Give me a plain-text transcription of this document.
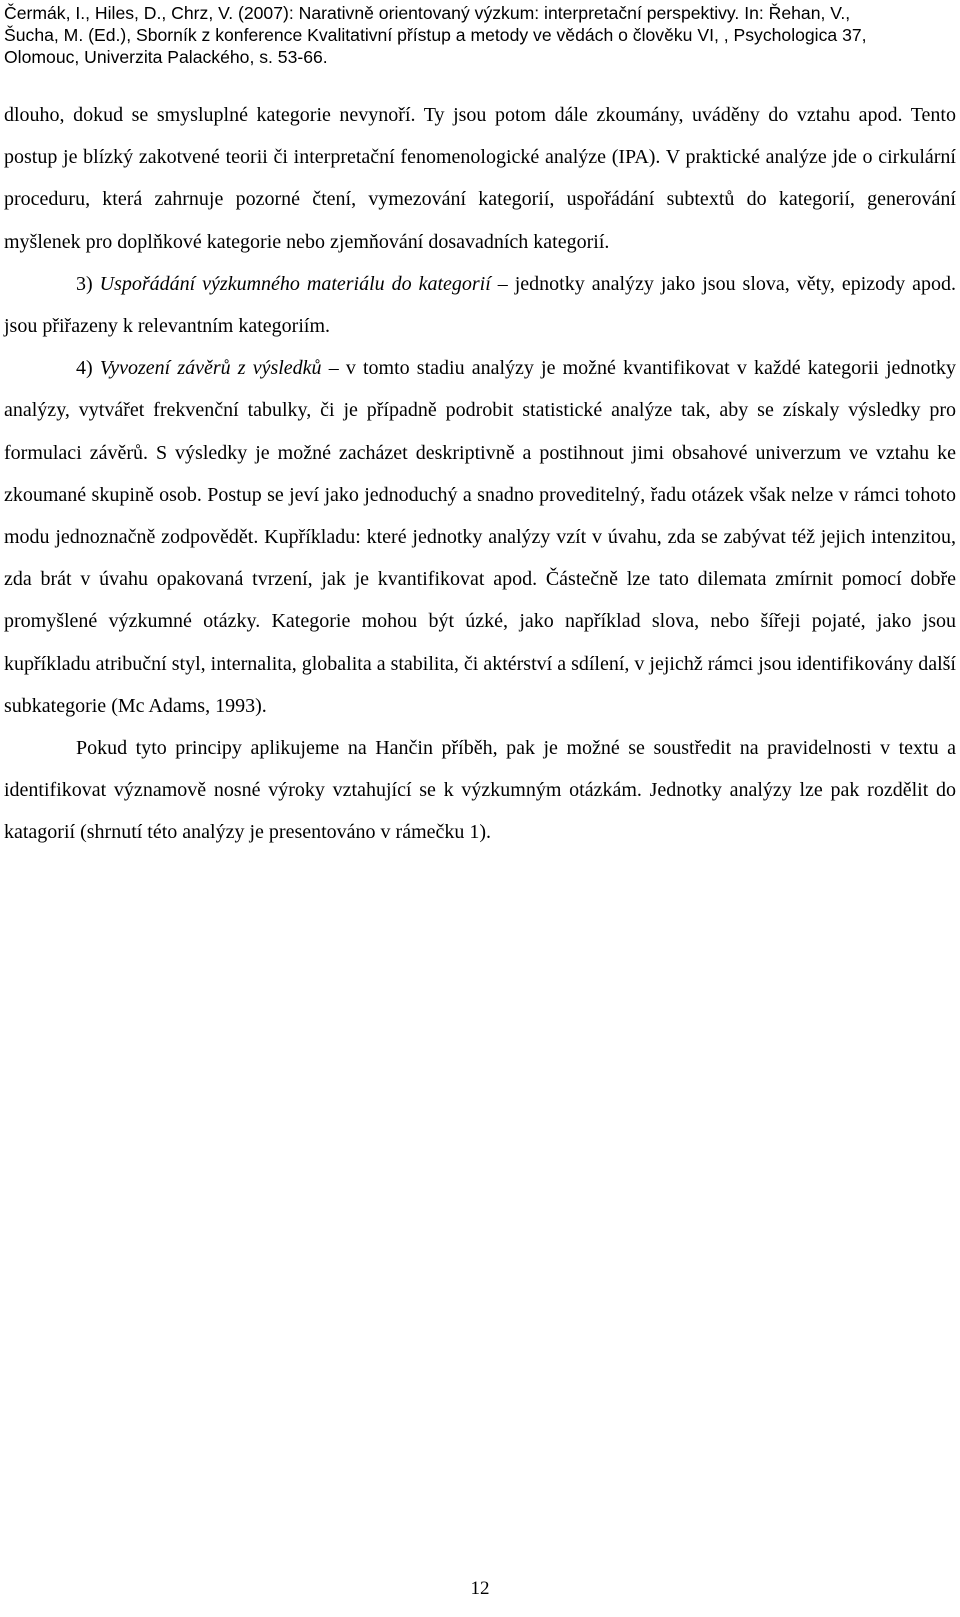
Čermák, I., Hiles, D., Chrz, V. (2007): Narativně orientovaný výzkum: interpretační perspektivy. In: Řehan, V.,
Šucha, M. (Ed.), Sborník z konference Kvalitativní přístup a metody ve vědách o člověku VI, , Psychologica 37,
Olomouc, Univerzita Palackého, s. 53-66.

dlouho, dokud se smysluplné kategorie nevynoří. Ty jsou potom dále zkoumány, uváděny do vztahu apod. Tento postup je blízký zakotvené teorii či interpretační fenomenologické analýze (IPA). V praktické analýze jde o cirkulární proceduru, která zahrnuje pozorné čtení, vymezování kategorií, uspořádání subtextů do kategorií, generování myšlenek pro doplňkové kategorie nebo zjemňování dosavadních kategorií.

3) Uspořádání výzkumného materiálu do kategorií – jednotky analýzy jako jsou slova, věty, epizody apod. jsou přiřazeny k relevantním kategoriím.

4) Vyvození závěrů z výsledků – v tomto stadiu analýzy je možné kvantifikovat v každé kategorii jednotky analýzy, vytvářet frekvenční tabulky, či je případně podrobit statistické analýze tak, aby se získaly výsledky pro formulaci závěrů. S výsledky je možné zacházet deskriptivně a postihnout jimi obsahové univerzum ve vztahu ke zkoumané skupině osob. Postup se jeví jako jednoduchý a snadno proveditelný, řadu otázek však nelze v rámci tohoto modu jednoznačně zodpovědět. Kupříkladu: které jednotky analýzy vzít v úvahu, zda se zabývat též jejich intenzitou, zda brát v úvahu opakovaná tvrzení, jak je kvantifikovat apod. Částečně lze tato dilemata zmírnit pomocí dobře promyšlené výzkumné otázky. Kategorie mohou být úzké, jako například slova, nebo šířeji pojaté, jako jsou kupříkladu atribuční styl, internalita, globalita a stabilita, či aktérství a sdílení, v jejichž rámci jsou identifikovány další subkategorie (Mc Adams, 1993).

Pokud tyto principy aplikujeme na Hančin příběh, pak je možné se soustředit na pravidelnosti v textu a identifikovat významově nosné výroky vztahující se k výzkumným otázkám. Jednotky analýzy lze pak rozdělit do katagorií (shrnutí této analýzy je presentováno v rámečku 1).

12
